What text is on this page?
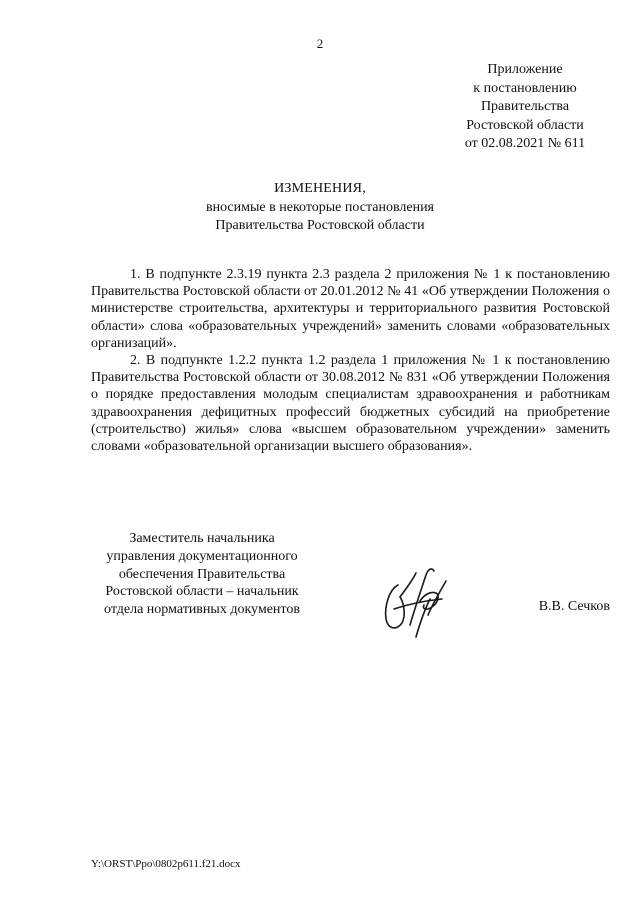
2
Приложение
к постановлению
Правительства
Ростовской области
от 02.08.2021 № 611
ИЗМЕНЕНИЯ,
вносимые в некоторые постановления
Правительства Ростовской области

1. В подпункте 2.3.19 пункта 2.3 раздела 2 приложения № 1 к постановлению Правительства Ростовской области от 20.01.2012 № 41 «Об утверждении Положения о министерстве строительства, архитектуры и территориального развития Ростовской области» слова «образовательных учреждений» заменить словами «образовательных организаций».

2. В подпункте 1.2.2 пункта 1.2 раздела 1 приложения № 1 к постановлению Правительства Ростовской области от 30.08.2012 № 831 «Об утверждении Положения о порядке предоставления молодым специалистам здравоохранения и работникам здравоохранения дефицитных профессий бюджетных субсидий на приобретение (строительство) жилья» слова «высшем образовательном учреждении» заменить словами «образовательной организации высшего образования».

Заместитель начальника
управления документационного
обеспечения Правительства
Ростовской области – начальник
отдела нормативных документов	В.В. Сечков
Y:\ORST\Ppo\0802p611.f21.docx
